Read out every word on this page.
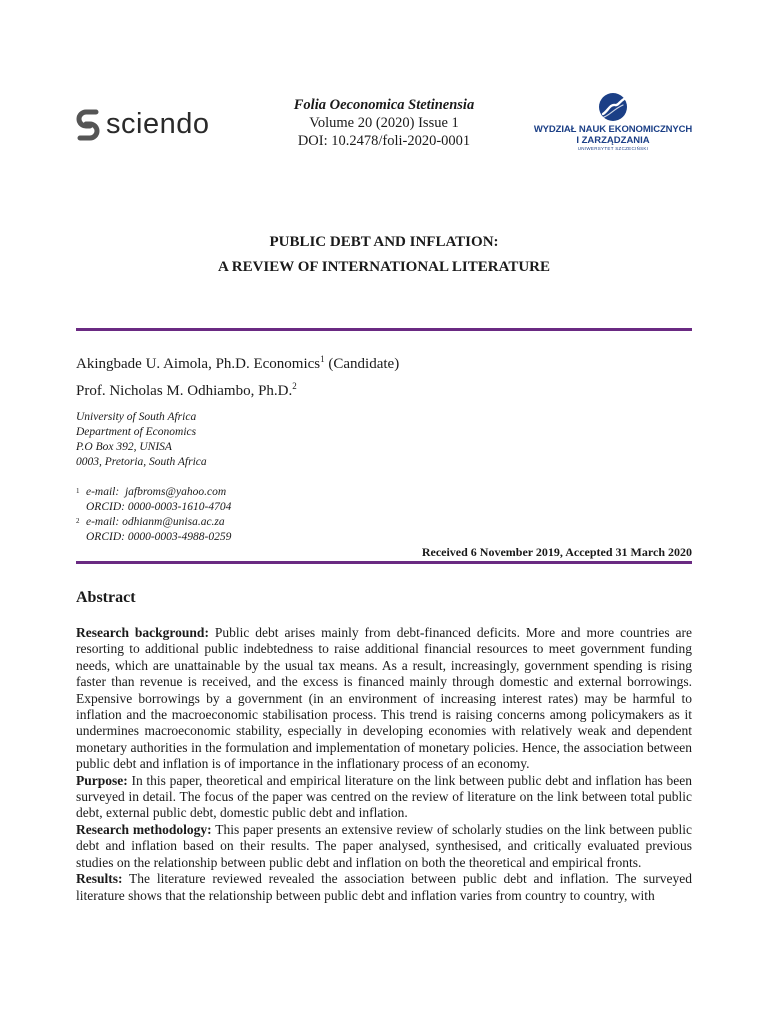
sciendo
Folia Oeconomica Stetinensia
Volume 20 (2020) Issue 1
DOI: 10.2478/foli-2020-0001
WYDZIAŁ NAUK EKONOMICZNYCH
I ZARZĄDZANIA
UNIWERSYTET SZCZECIŃSKI
PUBLIC DEBT AND INFLATION:
A REVIEW OF INTERNATIONAL LITERATURE
Akingbade U. Aimola, Ph.D. Economics$^1$ (Candidate)
Prof. Nicholas M. Odhiambo, Ph.D.$^2$
University of South Africa
Department of Economics
P.O Box 392, UNISA
0003, Pretoria, South Africa
1 e-mail:  jafbroms@yahoo.com
ORCID: 0000-0003-1610-4704
2 e-mail: odhianm@unisa.ac.za
ORCID: 0000-0003-4988-0259
Received 6 November 2019, Accepted 31 March 2020
Abstract

Research background: Public debt arises mainly from debt-financed deficits. More and more countries are resorting to additional public indebtedness to raise additional financial resources to meet government funding needs, which are unattainable by the usual tax means. As a result, increasingly, government spending is rising faster than revenue is received, and the excess is financed mainly through domestic and external borrowings. Expensive borrowings by a government (in an environment of increasing interest rates) may be harmful to inflation and the macroeconomic stabilisation process. This trend is raising concerns among policymakers as it undermines macroeconomic stability, especially in developing economies with relatively weak and dependent monetary authorities in the formulation and implementation of monetary policies. Hence, the association between public debt and inflation is of importance in the inflationary process of an economy.

Purpose: In this paper, theoretical and empirical literature on the link between public debt and inflation has been surveyed in detail. The focus of the paper was centred on the review of literature on the link between total public debt, external public debt, domestic public debt and inflation.

Research methodology: This paper presents an extensive review of scholarly studies on the link between public debt and inflation based on their results. The paper analysed, synthesised, and critically evaluated previous studies on the relationship between public debt and inflation on both the theoretical and empirical fronts.

Results: The literature reviewed revealed the association between public debt and inflation. The surveyed literature shows that the relationship between public debt and inflation varies from country to country, with
